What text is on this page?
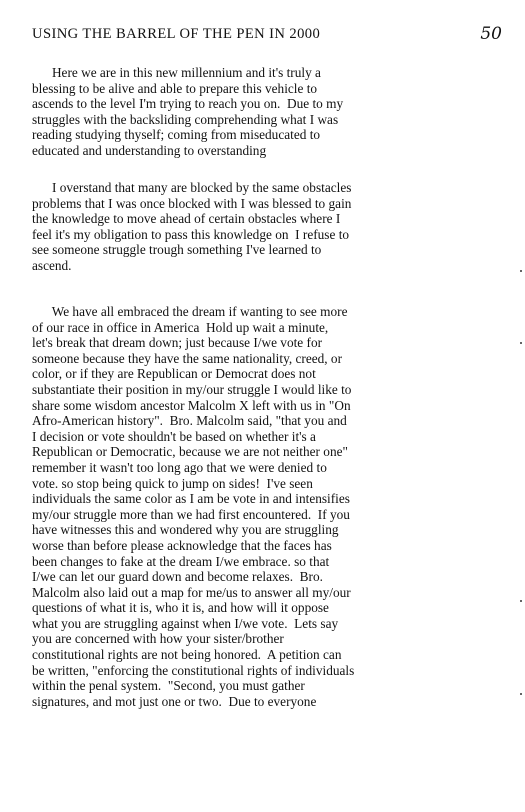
USING THE BARREL OF THE PEN IN 2000	50
Here we are in this new millennium and it's truly a
blessing to be alive and able to prepare this vehicle to
ascends to the level I'm trying to reach you on.  Due to my
struggles with the backsliding comprehending what I was
reading studying thyself; coming from miseducated to
educated and understanding to overstanding
I overstand that many are blocked by the same obstacles
problems that I was once blocked with I was blessed to gain
the knowledge to move ahead of certain obstacles where I
feel it's my obligation to pass this knowledge on  I refuse to
see someone struggle trough something I've learned to
ascend.
We have all embraced the dream if wanting to see more
of our race in office in America  Hold up wait a minute,
let's break that dream down; just because I/we vote for
someone because they have the same nationality, creed, or
color, or if they are Republican or Democrat does not
substantiate their position in my/our struggle I would like to
share some wisdom ancestor Malcolm X left with us in "On
Afro-American history".  Bro. Malcolm said, "that you and
I decision or vote shouldn't be based on whether it's a
Republican or Democratic, because we are not neither one"
remember it wasn't too long ago that we were denied to
vote. so stop being quick to jump on sides!  I've seen
individuals the same color as I am be vote in and intensifies
my/our struggle more than we had first encountered.  If you
have witnesses this and wondered why you are struggling
worse than before please acknowledge that the faces has
been changes to fake at the dream I/we embrace. so that
I/we can let our guard down and become relaxes.  Bro.
Malcolm also laid out a map for me/us to answer all my/our
questions of what it is, who it is, and how will it oppose
what you are struggling against when I/we vote.  Lets say
you are concerned with how your sister/brother
constitutional rights are not being honored.  A petition can
be written, "enforcing the constitutional rights of individuals
within the penal system.  "Second, you must gather
signatures, and mot just one or two.  Due to everyone
